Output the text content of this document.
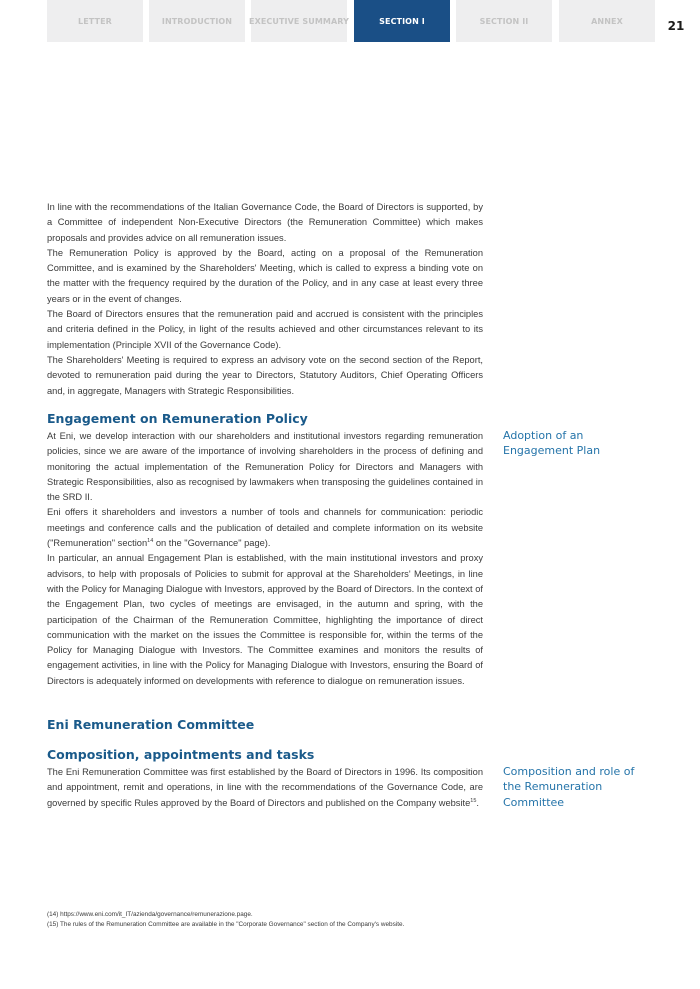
LETTER	INTRODUCTION	EXECUTIVE SUMMARY	SECTION I	SECTION II	ANNEX	21

In line with the recommendations of the Italian Governance Code, the Board of Directors is supported, by a Committee of independent Non-Executive Directors (the Remuneration Committee) which makes proposals and provides advice on all remuneration issues.

The Remuneration Policy is approved by the Board, acting on a proposal of the Remuneration Committee, and is examined by the Shareholders' Meeting, which is called to express a binding vote on the matter with the frequency required by the duration of the Policy, and in any case at least every three years or in the event of changes.

The Board of Directors ensures that the remuneration paid and accrued is consistent with the principles and criteria defined in the Policy, in light of the results achieved and other circumstances relevant to its implementation (Principle XVII of the Governance Code).

The Shareholders' Meeting is required to express an advisory vote on the second section of the Report, devoted to remuneration paid during the year to Directors, Statutory Auditors, Chief Operating Officers and, in aggregate, Managers with Strategic Responsibilities.

Engagement on Remuneration Policy
Adoption of an Engagement Plan

At Eni, we develop interaction with our shareholders and institutional investors regarding remuneration policies, since we are aware of the importance of involving shareholders in the process of defining and monitoring the actual implementation of the Remuneration Policy for Directors and Managers with Strategic Responsibilities, also as recognised by lawmakers when transposing the guidelines contained in the SRD II.

Eni offers it shareholders and investors a number of tools and channels for communication: periodic meetings and conference calls and the publication of detailed and complete information on its website ("Remuneration" section$^{14}$ on the "Governance" page).

In particular, an annual Engagement Plan is established, with the main institutional investors and proxy advisors, to help with proposals of Policies to submit for approval at the Shareholders' Meetings, in line with the Policy for Managing Dialogue with Investors, approved by the Board of Directors. In the context of the Engagement Plan, two cycles of meetings are envisaged, in the autumn and spring, with the participation of the Chairman of the Remuneration Committee, highlighting the importance of direct communication with the market on the issues the Committee is responsible for, within the terms of the Policy for Managing Dialogue with Investors. The Committee examines and monitors the results of engagement activities, in line with the Policy for Managing Dialogue with Investors, ensuring the Board of Directors is adequately informed on developments with reference to dialogue on remuneration issues.

Eni Remuneration Committee
Composition, appointments and tasks
Composition and role of the Remuneration Committee

The Eni Remuneration Committee was first established by the Board of Directors in 1996. Its composition and appointment, remit and operations, in line with the recommendations of the Governance Code, are governed by specific Rules approved by the Board of Directors and published on the Company website$^{15}$.

(14) https://www.eni.com/it_IT/azienda/governance/remunerazione.page.
(15) The rules of the Remuneration Committee are available in the "Corporate Governance" section of the Company's website.
